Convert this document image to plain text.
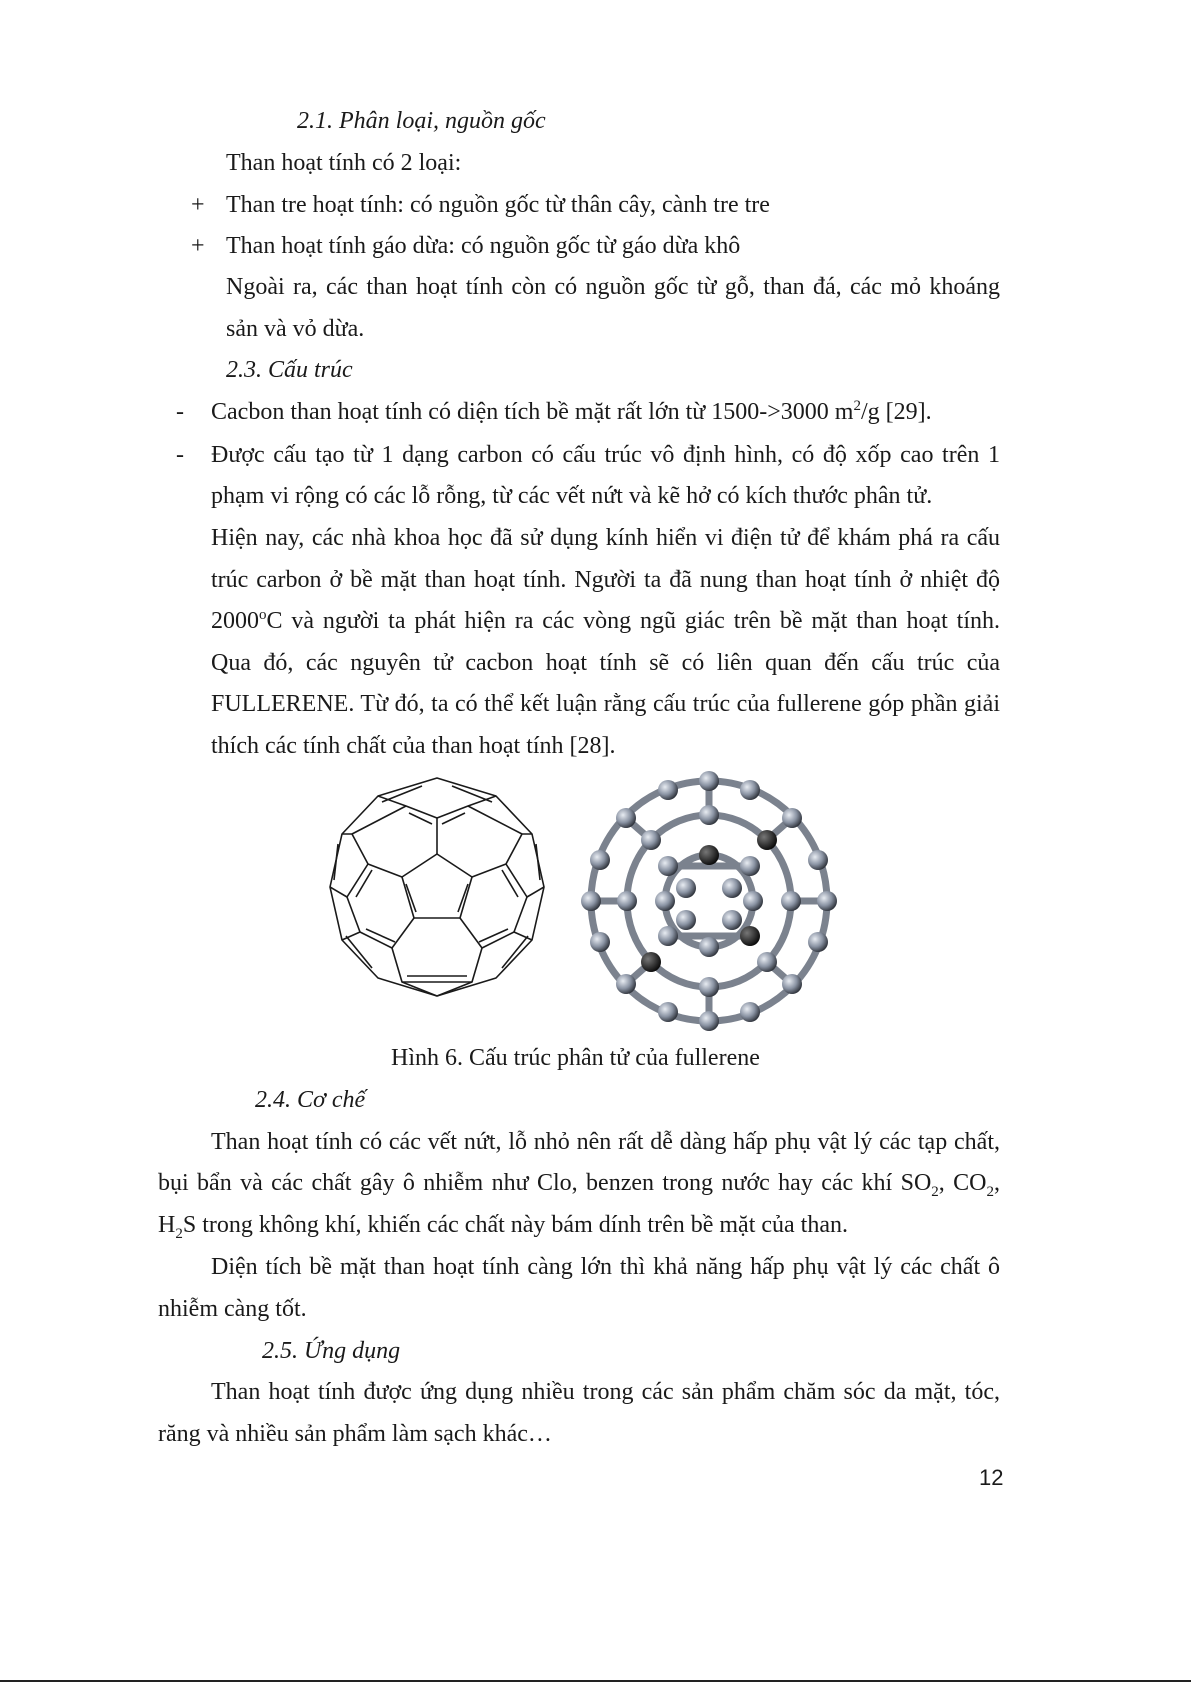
2.1. Phân loại, nguồn gốc
Than hoạt tính có 2 loại:
+ Than tre hoạt tính: có nguồn gốc từ thân cây, cành tre tre
+ Than hoạt tính gáo dừa: có nguồn gốc từ gáo dừa khô
Ngoài ra, các than hoạt tính còn có nguồn gốc từ gỗ, than đá, các mỏ khoáng
sản và vỏ dừa.
2.3. Cấu trúc
- Cacbon than hoạt tính có diện tích bề mặt rất lớn từ 1500->3000 $m^2/g$ [29].
- Được cấu tạo từ 1 dạng carbon có cấu trúc vô định hình, có độ xốp cao trên 1
phạm vi rộng có các lỗ rỗng, từ các vết nứt và kẽ hở có kích thước phân tử.
Hiện nay, các nhà khoa học đã sử dụng kính hiển vi điện tử để khám phá ra cấu
trúc carbon ở bề mặt than hoạt tính. Người ta đã nung than hoạt tính ở nhiệt độ
2000$^o$C và người ta phát hiện ra các vòng ngũ giác trên bề mặt than hoạt tính.
Qua đó, các nguyên tử cacbon hoạt tính sẽ có liên quan đến cấu trúc của
FULLERENE. Từ đó, ta có thể kết luận rằng cấu trúc của fullerene góp phần giải
thích các tính chất của than hoạt tính [28].
Hình 6. Cấu trúc phân tử của fullerene
2.4. Cơ chế
Than hoạt tính có các vết nứt, lỗ nhỏ nên rất dễ dàng hấp phụ vật lý các tạp chất,
bụi bẩn và các chất gây ô nhiễm như Clo, benzen trong nước hay các khí $SO_2$, $CO_2$,
$H_2S$ trong không khí, khiến các chất này bám dính trên bề mặt của than.
Diện tích bề mặt than hoạt tính càng lớn thì khả năng hấp phụ vật lý các chất ô
nhiễm càng tốt.
2.5. Ứng dụng
Than hoạt tính được ứng dụng nhiều trong các sản phẩm chăm sóc da mặt, tóc,
răng và nhiều sản phẩm làm sạch khác…
12
